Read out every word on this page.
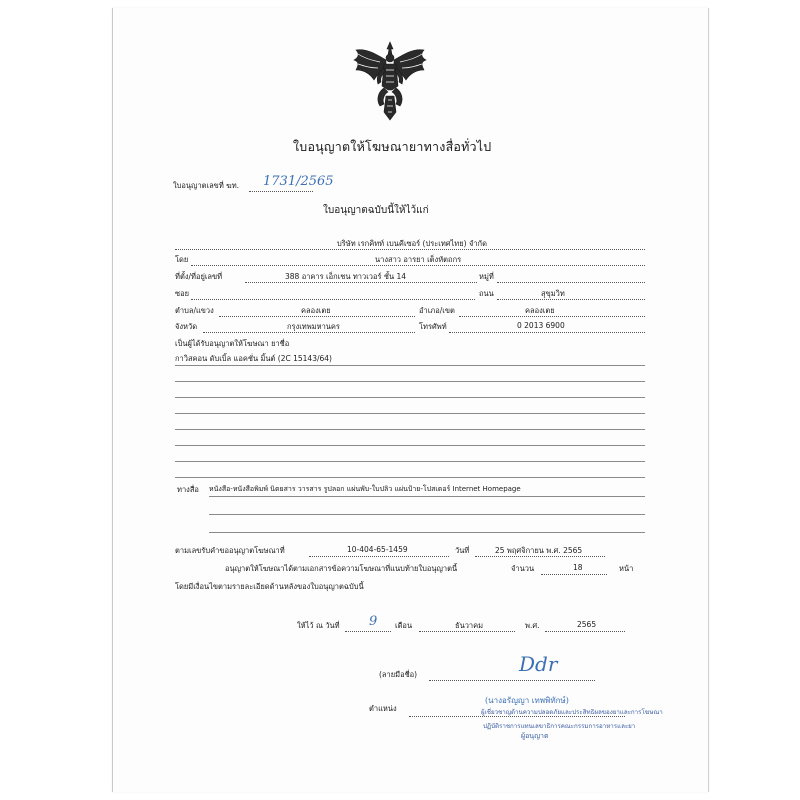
ใบอนุญาตให้โฆษณายาทางสื่อทั่วไป
ใบอนุญาตเลขที่ ฆท. 1731/2565
ใบอนุญาตฉบับนี้ให้ไว้แก่
บริษัท เรกคิทท์ เบนคีเซอร์ (ประเทศไทย) จำกัด
โดย	นางสาว อารยา เต็งหัตถกร
ที่ตั้ง/ที่อยู่เลขที่	388 อาคาร เอ็กเชน ทาวเวอร์ ชั้น 14	หมู่ที่
ซอย	ถนน	สุขุมวิท
ตำบล/แขวง	คลองเตย	อำเภอ/เขต	คลองเตย
จังหวัด	กรุงเทพมหานคร	โทรศัพท์	0 2013 6900
เป็นผู้ได้รับอนุญาตให้โฆษณา ยาชื่อ
กาวิสคอน ดับเบิ้ล แอคชั่น มิ้นต์ (2C 15143/64)
ทางสื่อ หนังสือ-หนังสือพิมพ์ นิตยสาร วารสาร รูปลอก แผ่นพับ-ใบปลิว แผ่นป้าย-โปสเตอร์ Internet Homepage
ตามเลขรับคำขออนุญาตโฆษณาที่	10-404-65-1459	วันที่	25 พฤศจิกายน พ.ศ. 2565
อนุญาตให้โฆษณาได้ตามเอกสารข้อความโฆษณาที่แนบท้ายใบอนุญาตนี้	จำนวน	18	หน้า
โดยมีเงื่อนไขตามรายละเอียดด้านหลังของใบอนุญาตฉบับนี้
ให้ไว้ ณ วันที่ 9 เดือน	ธันวาคม	พ.ศ.	2565
(ลายมือชื่อ)	Ddr
(นางอรัญญา เทพพิทักษ์)
ตำแหน่ง	ผู้เชี่ยวชาญด้านความปลอดภัยและประสิทธิผลของยาและการโฆษณา
ปฏิบัติราชการแทนเลขาธิการคณะกรรมการอาหารและยา
ผู้อนุญาต
